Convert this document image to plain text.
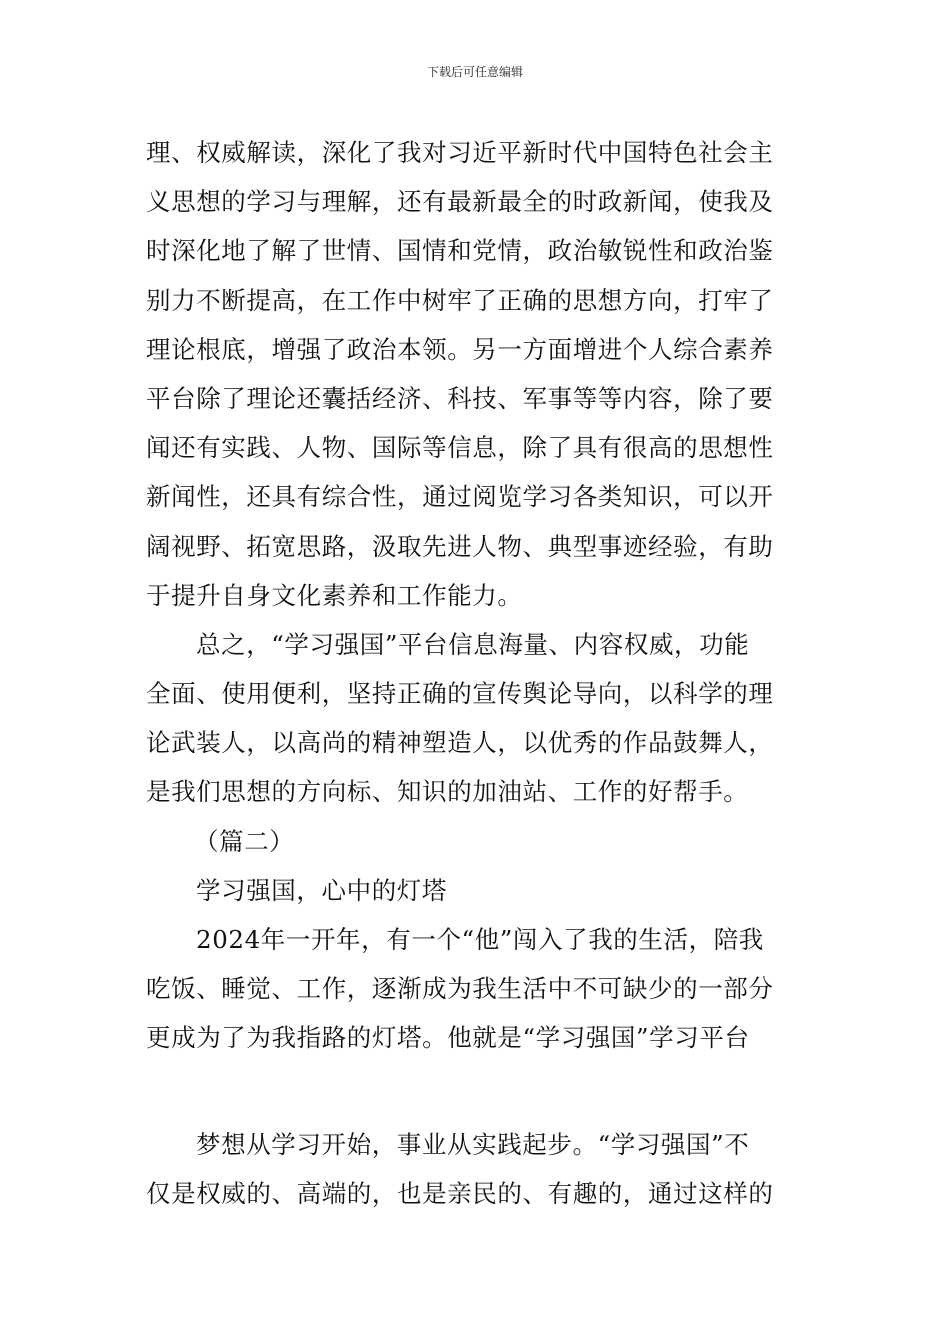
下载后可任意编辑
理、权威解读，深化了我对习近平新时代中国特色社会主
义思想的学习与理解，还有最新最全的时政新闻，使我及
时深化地了解了世情、国情和党情，政治敏锐性和政治鉴
别力不断提高，在工作中树牢了正确的思想方向，打牢了
理论根底，增强了政治本领。另一方面增进个人综合素养
平台除了理论还囊括经济、科技、军事等等内容，除了要
闻还有实践、人物、国际等信息，除了具有很高的思想性
新闻性，还具有综合性，通过阅览学习各类知识，可以开
阔视野、拓宽思路，汲取先进人物、典型事迹经验，有助
于提升自身文化素养和工作能力。
总之，“学习强国”平台信息海量、内容权威，功能
全面、使用便利，坚持正确的宣传舆论导向，以科学的理
论武装人，以高尚的精神塑造人，以优秀的作品鼓舞人，
是我们思想的方向标、知识的加油站、工作的好帮手。
（篇二）
学习强国，心中的灯塔
2024年一开年，有一个“他”闯入了我的生活，陪我
吃饭、睡觉、工作，逐渐成为我生活中不可缺少的一部分
更成为了为我指路的灯塔。他就是“学习强国”学习平台
梦想从学习开始，事业从实践起步。“学习强国”不
仅是权威的、高端的，也是亲民的、有趣的，通过这样的
